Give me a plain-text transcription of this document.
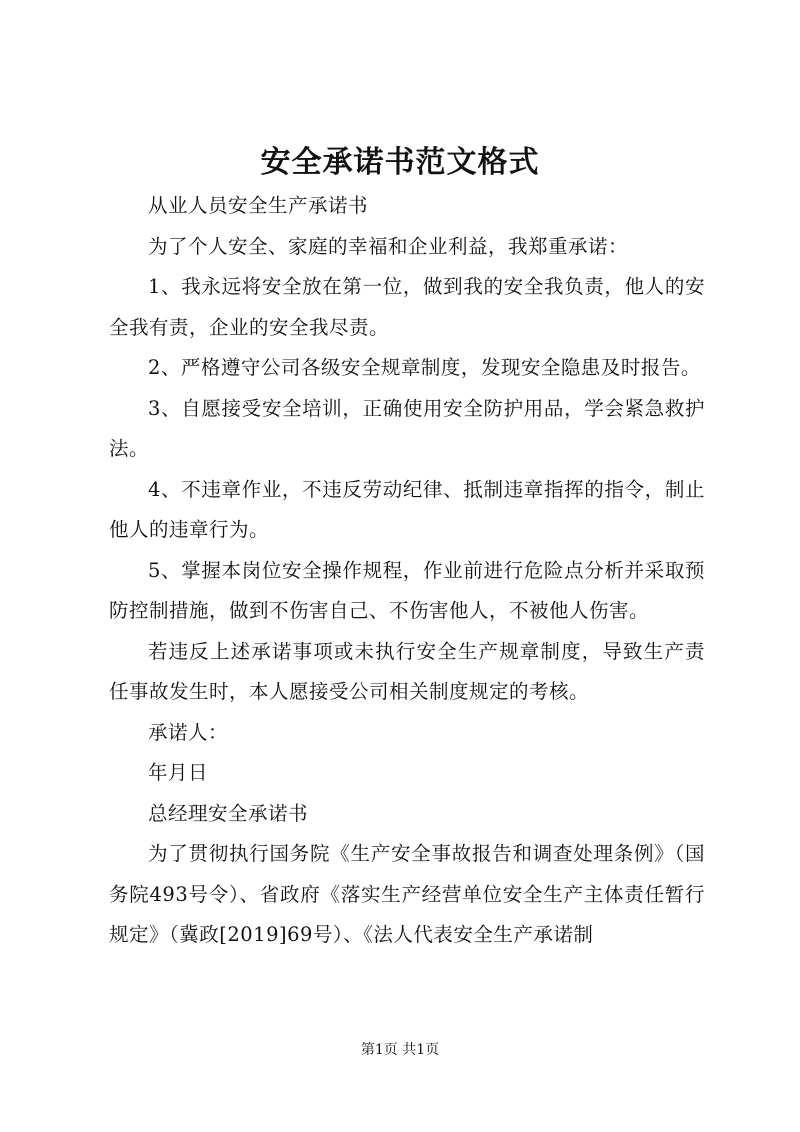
安全承诺书范文格式

从业人员安全生产承诺书

为了个人安全、家庭的幸福和企业利益，我郑重承诺：

1、我永远将安全放在第一位，做到我的安全我负责，他人的安全我有责，企业的安全我尽责。

2、严格遵守公司各级安全规章制度，发现安全隐患及时报告。

3、自愿接受安全培训，正确使用安全防护用品，学会紧急救护法。

4、不违章作业，不违反劳动纪律、抵制违章指挥的指令，制止他人的违章行为。

5、掌握本岗位安全操作规程，作业前进行危险点分析并采取预防控制措施，做到不伤害自己、不伤害他人，不被他人伤害。

若违反上述承诺事项或未执行安全生产规章制度，导致生产责任事故发生时，本人愿接受公司相关制度规定的考核。

承诺人：

年月日

总经理安全承诺书

为了贯彻执行国务院《生产安全事故报告和调查处理条例》（国务院493号令）、省政府《落实生产经营单位安全生产主体责任暂行规定》（冀政[2019]69号）、《法人代表安全生产承诺制

第1页 共1页
